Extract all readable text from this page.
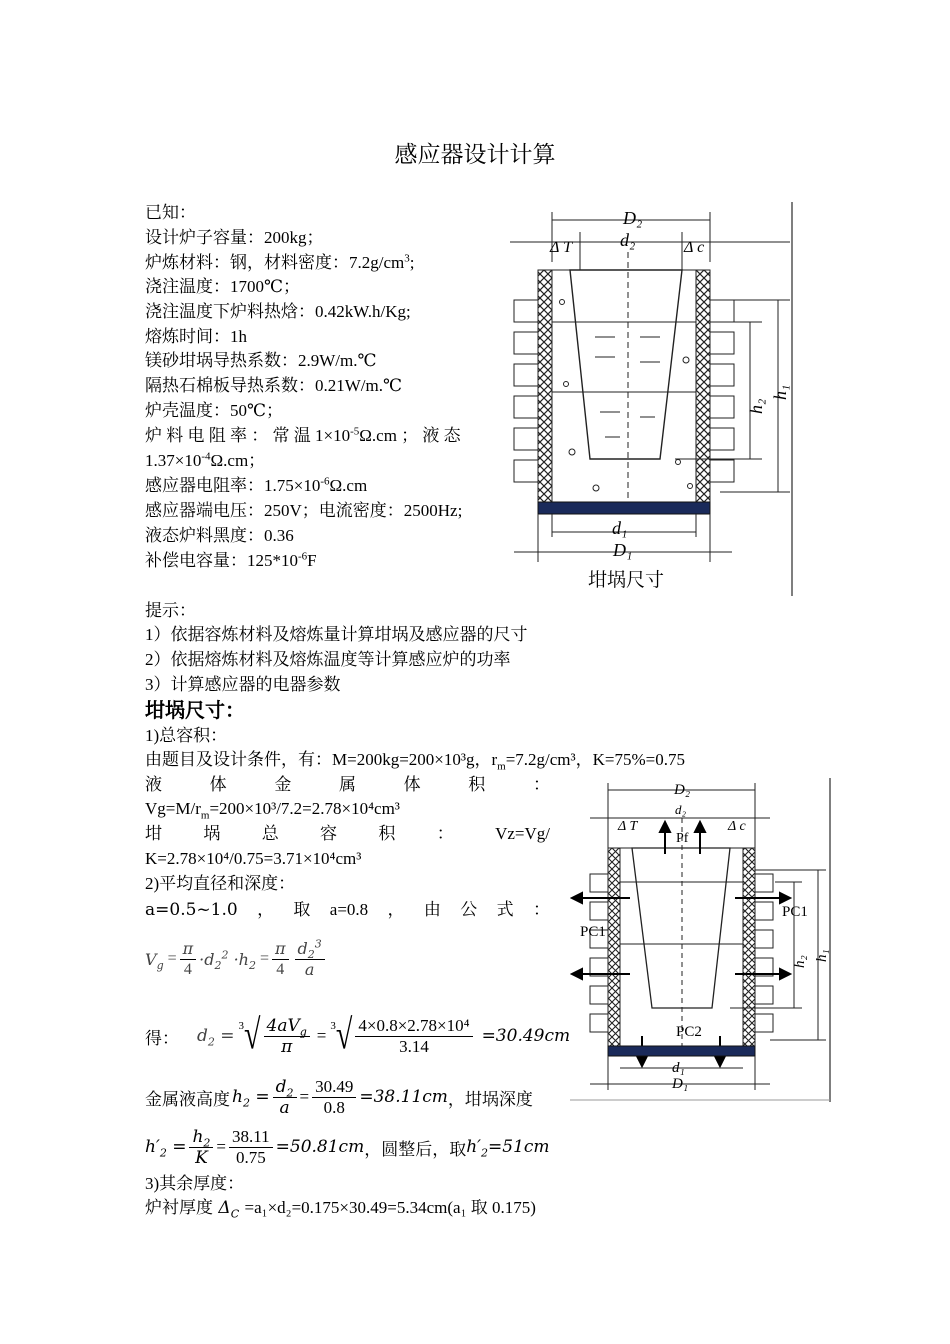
感应器设计计算
已知：
设计炉子容量：200kg；
炉炼材料：钢，材料密度：$7.2g/cm^3$;
浇注温度：1700℃；
浇注温度下炉料热焓：0.42kW.h/Kg;
熔炼时间：1h
镁砂坩埚导热系数：2.9W/m.℃
隔热石棉板导热系数：0.21W/m.℃
炉壳温度：50℃；
炉 料 电 阻 率 ： 常 温 $1\times 10^{-5}\Omega.cm$ ； 液 态
$1.37\times 10^{-4}\Omega.cm$；
感应器电阻率：$1.75\times 10^{-6}\Omega.cm$
感应器端电压：250V；电流密度：2500Hz;
液态炉料黑度：0.36
补偿电容量：$125*10^{-6}F$
提示：
1）依据容炼材料及熔炼量计算坩埚及感应器的尺寸
2）依据熔炼材料及熔炼温度等计算感应炉的功率
3）计算感应器的电器参数
坩埚尺寸：
1)总容积：
由题目及设计条件，有：M=200kg=200×10³g，$r_m=7.2g$/cm³，K=75%=0.75
液	体	金	属	体	积	：
$Vg=M/r_m=200\times 10^3/7.2=2.78\times 10^4cm^3$
坩 埚 总 容 积 ： Vz=Vg/
K=2.78×10⁴/0.75=3.71×10⁴cm³
2)平均直径和深度：
a=0.5~1.0 ， 取 a=0.8 ， 由 公 式 ：
$V_g = \frac{\pi}{4} \cdot d_2^2 \cdot h_2 = \frac{\pi}{4} \frac{d_2^3}{a}$
得： $d_2 = 3$ √ $\frac{4aV_g}{\pi} = 3$ √ $\frac{\text{4×0.8×2.78×10⁴}}{3.14} =30.49cm$
金属液高度 $h_2 = \frac{d_2}{a} = \frac{30.49}{0.8} =38.11cm$ ，坩埚深度
$h'_2 = \frac{h_2}{K} = \frac{38.11}{0.75} =50.81cm$ ，圆整后，取 $h'_2 =51cm$
3)其余厚度：
炉衬厚度 $\Delta_C =a_1\times d_2=0.175\times 30.49=5.34cm(a_1$ 取 0.175)
D₂
d₂
Δ T	Δ c
h₂
h₁
d₁
D₁
坩埚尺寸
D₂
d₂
Δ T	Δ c
Pf
PC1
PC1
PC2
h₂ h₁
d₁
D₁
